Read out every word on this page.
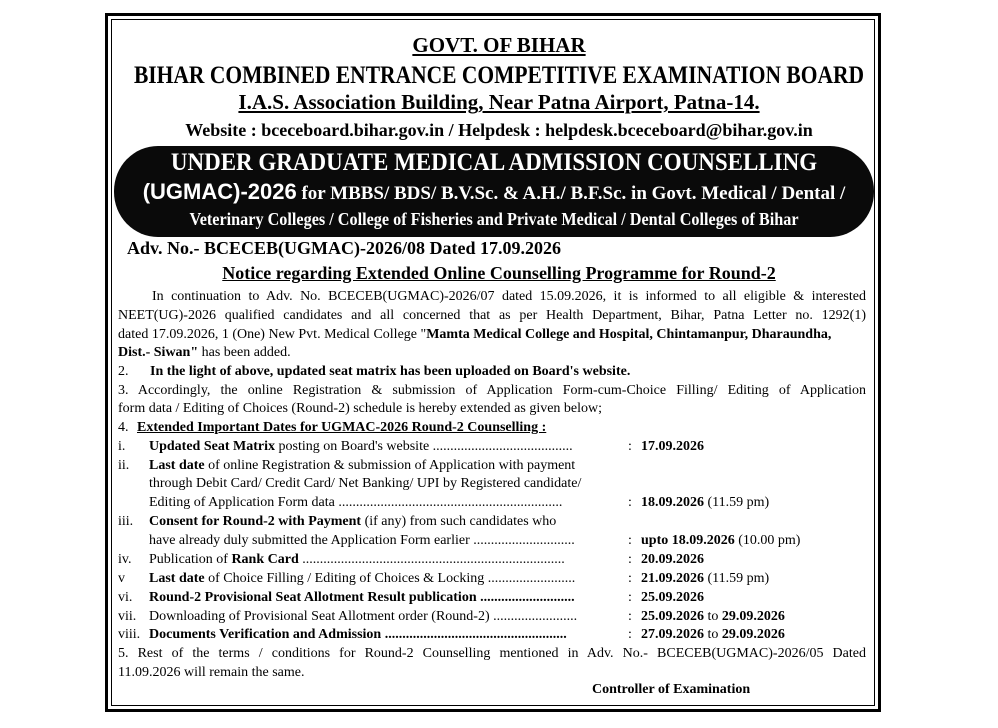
GOVT. OF BIHAR
BIHAR COMBINED ENTRANCE COMPETITIVE EXAMINATION BOARD
I.A.S. Association Building, Near Patna Airport, Patna-14.
Website : bceceboard.bihar.gov.in / Helpdesk : helpdesk.bceceboard@bihar.gov.in
UNDER GRADUATE MEDICAL ADMISSION COUNSELLING
(UGMAC)-2026 for MBBS/ BDS/ B.V.Sc. & A.H./ B.F.Sc. in Govt. Medical / Dental /
Veterinary Colleges / College of Fisheries and Private Medical / Dental Colleges of Bihar
Adv. No.- BCECEB(UGMAC)-2026/08 Dated 17.09.2026
Notice regarding Extended Online Counselling Programme for Round-2
In continuation to Adv. No. BCECEB(UGMAC)-2026/07 dated 15.09.2026, it is informed to all eligible & interested
NEET(UG)-2026 qualified candidates and all concerned that as per Health Department, Bihar, Patna Letter no. 1292(1)
dated 17.09.2026, 1 (One) New Pvt. Medical College "Mamta Medical College and Hospital, Chintamanpur, Dharaundha,
Dist.- Siwan" has been added.
2. In the light of above, updated seat matrix has been uploaded on Board's website.
3. Accordingly, the online Registration & submission of Application Form-cum-Choice Filling/ Editing of Application
form data / Editing of Choices (Round-2) schedule is hereby extended as given below;
4. Extended Important Dates for UGMAC-2026 Round-2 Counselling :
i. Updated Seat Matrix posting on Board's website ........................................	: 17.09.2026
ii. Last date of online Registration & submission of Application with payment
through Debit Card/ Credit Card/ Net Banking/ UPI by Registered candidate/
Editing of Application Form data ................................................................	: 18.09.2026 (11.59 pm)
iii. Consent for Round-2 with Payment (if any) from such candidates who
have already duly submitted the Application Form earlier .............................	: upto 18.09.2026 (10.00 pm)
iv. Publication of Rank Card ...........................................................................	: 20.09.2026
v Last date of Choice Filling / Editing of Choices & Locking .........................	: 21.09.2026 (11.59 pm)
vi. Round-2 Provisional Seat Allotment Result publication ...........................	: 25.09.2026
vii. Downloading of Provisional Seat Allotment order (Round-2) ........................	: 25.09.2026 to 29.09.2026
viii. Documents Verification and Admission ....................................................	: 27.09.2026 to 29.09.2026
5. Rest of the terms / conditions for Round-2 Counselling mentioned in Adv. No.- BCECEB(UGMAC)-2026/05 Dated
11.09.2026 will remain the same.
Controller of Examination
